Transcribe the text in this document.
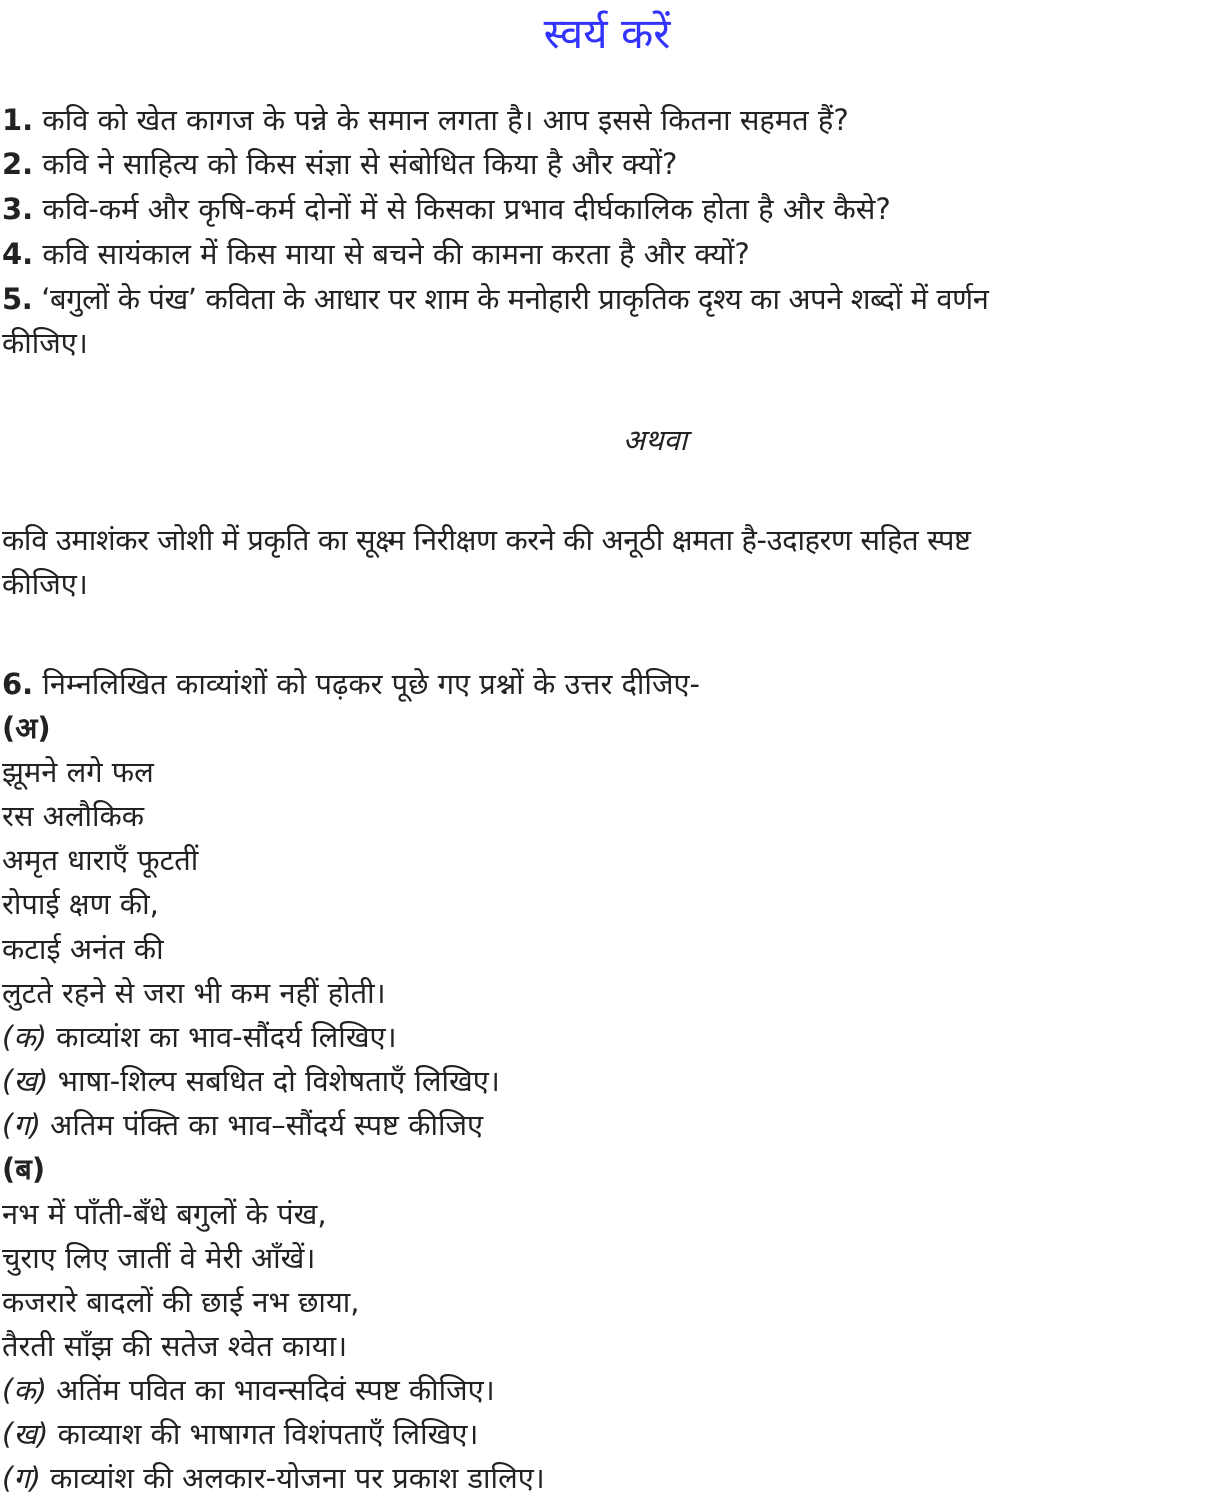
स्वर्य करें

1. कवि को खेत कागज के पन्ने के समान लगता है। आप इससे कितना सहमत हैं?

2. कवि ने साहित्य को किस संज्ञा से संबोधित किया है और क्यों?

3. कवि-कर्म और कृषि-कर्म दोनों में से किसका प्रभाव दीर्घकालिक होता है और कैसे?

4. कवि सायंकाल में किस माया से बचने की कामना करता है और क्यों?

5. ‘बगुलों के पंख’ कविता के आधार पर शाम के मनोहारी प्राकृतिक दृश्य का अपने शब्दों में वर्णन

कीजिए।

अथवा

कवि उमाशंकर जोशी में प्रकृति का सूक्ष्म निरीक्षण करने की अनूठी क्षमता है-उदाहरण सहित स्पष्ट

कीजिए।

6. निम्नलिखित काव्यांशों को पढ़कर पूछे गए प्रश्नों के उत्तर दीजिए-

(अ)

झूमने लगे फल

रस अलौकिक

अमृत धाराएँ फूटतीं

रोपाई क्षण की,

कटाई अनंत की

लुटते रहने से जरा भी कम नहीं होती।

(क) काव्यांश का भाव-सौंदर्य लिखिए।

(ख) भाषा-शिल्प सबधित दो विशेषताएँ लिखिए।

(ग) अतिम पंक्ति का भाव–सौंदर्य स्पष्ट कीजिए

(ब)

नभ में पाँती-बँधे बगुलों के पंख,

चुराए लिए जातीं वे मेरी आँखें।

कजरारे बादलों की छाई नभ छाया,

तैरती साँझ की सतेज श्वेत काया।

(क) अतिंम पवित का भावन्सदिवं स्पष्ट कीजिए।

(ख) काव्याश की भाषागत विशंपताएँ लिखिए।

(ग) काव्यांश की अलकार-योजना पर प्रकाश डालिए।
